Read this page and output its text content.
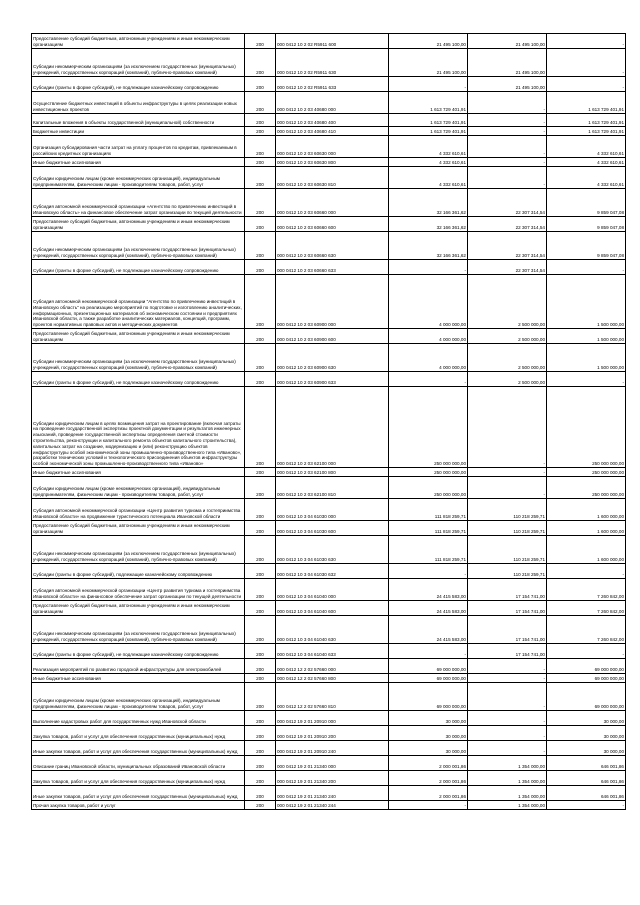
Предоставление субсидий бюджетным, автономным учреждениям и иным некоммерческим организациям	200	000 0412 10 2 02 R5911 600	21 495 100,00	21 495 100,00	-
Субсидии некоммерческим организациям (за исключением государственных (муниципальных) учреждений, государственных корпораций (компаний), публично-правовых компаний)	200	000 0412 10 2 02 R5911 630	21 495 100,00	21 495 100,00	-
Субсидии (гранты в форме субсидий), не подлежащие казначейскому сопровождению	200	000 0412 10 2 02 R5911 633	-	21 495 100,00	-
Осуществление бюджетных инвестиций в объекты инфраструктуры в целях реализации новых инвестиционных проектов	200	000 0412 10 2 03 40680 000	1 613 729 401,91	-	1 613 729 401,91
Капитальные вложения в объекты государственной (муниципальной) собственности	200	000 0412 10 2 03 40680 400	1 613 729 401,91	-	1 613 729 401,91
Бюджетные инвестиции	200	000 0412 10 2 03 40680 410	1 613 729 401,91	-	1 613 729 401,91
Организация субсидирования части затрат на уплату процентов по кредитам, привлекаемым в российских кредитных организациях	200	000 0412 10 2 03 60630 000	4 332 610,61	-	4 332 610,61
Иные бюджетные ассигнования	200	000 0412 10 2 03 60630 800	4 332 610,61	-	4 332 610,61
Субсидии юридическим лицам (кроме некоммерческих организаций), индивидуальным предпринимателям, физическим лицам - производителям товаров, работ, услуг	200	000 0412 10 2 03 60630 810	4 332 610,61	-	4 332 610,61
Субсидия автономной некоммерческой организации «Агентство по привлечению инвестиций в Ивановскую область» на финансовое обеспечение затрат организации по текущей деятельности	200	000 0412 10 2 03 60660 000	32 166 361,62	22 307 314,54	9 859 047,08
Предоставление субсидий бюджетным, автономным учреждениям и иным некоммерческим организациям	200	000 0412 10 2 03 60660 600	32 166 361,62	22 307 314,54	9 859 047,08
Субсидии некоммерческим организациям (за исключением государственных (муниципальных) учреждений, государственных корпораций (компаний), публично-правовых компаний)	200	000 0412 10 2 03 60660 630	32 166 361,62	22 307 314,54	9 859 047,08
Субсидии (гранты в форме субсидий), не подлежащие казначейскому сопровождению	200	000 0412 10 2 03 60660 633	-	22 307 314,54	-
Субсидия автономной некоммерческой организации "Агентство по привлечению инвестиций в Ивановскую область" на реализацию мероприятий по подготовке и изготовлению аналитических, информационных, презентационных материалов об экономическом состоянии и предприятиях Ивановской области, а также разработке аналитических материалов, концепций, программ, проектов нормативных правовых актов и методических документов	200	000 0412 10 2 03 60900 000	4 000 000,00	2 500 000,00	1 500 000,00
Предоставление субсидий бюджетным, автономным учреждениям и иным некоммерческим организациям	200	000 0412 10 2 03 60900 600	4 000 000,00	2 500 000,00	1 500 000,00
Субсидии некоммерческим организациям (за исключением государственных (муниципальных) учреждений, государственных корпораций (компаний), публично-правовых компаний)	200	000 0412 10 2 03 60900 630	4 000 000,00	2 500 000,00	1 500 000,00
Субсидии (гранты в форме субсидий), не подлежащие казначейскому сопровождению	200	000 0412 10 2 03 60900 633	-	2 500 000,00	-
Субсидии юридическим лицам в целях возмещения затрат на проектирование (включая затраты на проведение государственной экспертизы проектной документации и результатов инженерных изысканий, проведение государственной экспертизы определения сметной стоимости строительства, реконструкции и капитального ремонта объектов капитального строительства), капитальных затрат на создание, модернизацию и (или) реконструкцию объектов инфраструктуры особой экономической зоны промышленно-производственного типа «Иваново», разработки технических условий и технологического присоединения объектов инфраструктуры особой экономической зоны промышленно-производственного типа «Иваново»	200	000 0412 10 2 03 62100 000	250 000 000,00	-	250 000 000,00
Иные бюджетные ассигнования	200	000 0412 10 2 03 62100 800	250 000 000,00	-	250 000 000,00
Субсидии юридическим лицам (кроме некоммерческих организаций), индивидуальным предпринимателям, физическим лицам - производителям товаров, работ, услуг	200	000 0412 10 2 03 62100 810	250 000 000,00	-	250 000 000,00
Субсидия автономной некоммерческой организации «Центр развития туризма и гостеприимства Ивановской области» на продвижение туристического потенциала Ивановской области	200	000 0412 10 3 04 61030 000	111 818 259,71	110 218 259,71	1 600 000,00
Предоставление субсидий бюджетным, автономным учреждениям и иным некоммерческим организациям	200	000 0412 10 3 04 61030 600	111 818 259,71	110 218 259,71	1 600 000,00
Субсидии некоммерческим организациям (за исключением государственных (муниципальных) учреждений, государственных корпораций (компаний), публично-правовых компаний)	200	000 0412 10 3 04 61030 630	111 818 259,71	110 218 259,71	1 600 000,00
Субсидии (гранты в форме субсидий), подлежащие казначейскому сопровождению	200	000 0412 10 3 04 61030 632	-	110 218 259,71	-
Субсидия автономной некоммерческой организации «Центр развития туризма и гостеприимства Ивановской области» на финансовое обеспечение затрат организации по текущей деятельности	200	000 0412 10 3 04 61040 000	24 415 583,00	17 154 741,00	7 260 842,00
Предоставление субсидий бюджетным, автономным учреждениям и иным некоммерческим организациям	200	000 0412 10 3 04 61040 600	24 415 583,00	17 154 741,00	7 260 842,00
Субсидии некоммерческим организациям (за исключением государственных (муниципальных) учреждений, государственных корпораций (компаний), публично-правовых компаний)	200	000 0412 10 3 04 61040 630	24 415 583,00	17 154 741,00	7 260 842,00
Субсидии (гранты в форме субсидий), не подлежащие казначейскому сопровождению	200	000 0412 10 3 04 61040 633	-	17 154 741,00	-
Реализация мероприятий по развитию городской инфраструктуры для электромобилей	200	000 0412 12 2 02 57660 000	69 000 000,00	-	69 000 000,00
Иные бюджетные ассигнования	200	000 0412 12 2 02 57660 800	69 000 000,00	-	69 000 000,00
Субсидии юридическим лицам (кроме некоммерческих организаций), индивидуальным предпринимателям, физическим лицам - производителям товаров, работ, услуг	200	000 0412 12 2 02 57660 810	69 000 000,00	-	69 000 000,00
Выполнение кадастровых работ для государственных нужд Ивановской области	200	000 0412 19 2 01 20910 000	30 000,00	-	30 000,00
Закупка товаров, работ и услуг для обеспечения государственных (муниципальных) нужд	200	000 0412 19 2 01 20910 200	30 000,00	-	30 000,00
Иные закупки товаров, работ и услуг для обеспечения государственных (муниципальных) нужд	200	000 0412 19 2 01 20910 240	30 000,00	-	30 000,00
Описание границ Ивановской области, муниципальных образований Ивановской области	200	000 0412 19 2 01 21340 000	2 000 001,86	1 354 000,00	646 001,86
Закупка товаров, работ и услуг для обеспечения государственных (муниципальных) нужд	200	000 0412 19 2 01 21340 200	2 000 001,86	1 354 000,00	646 001,86
Иные закупки товаров, работ и услуг для обеспечения государственных (муниципальных) нужд	200	000 0412 19 2 01 21340 240	2 000 001,86	1 354 000,00	646 001,86
Прочая закупка товаров, работ и услуг	200	000 0412 19 2 01 21340 244	-	1 354 000,00	-
